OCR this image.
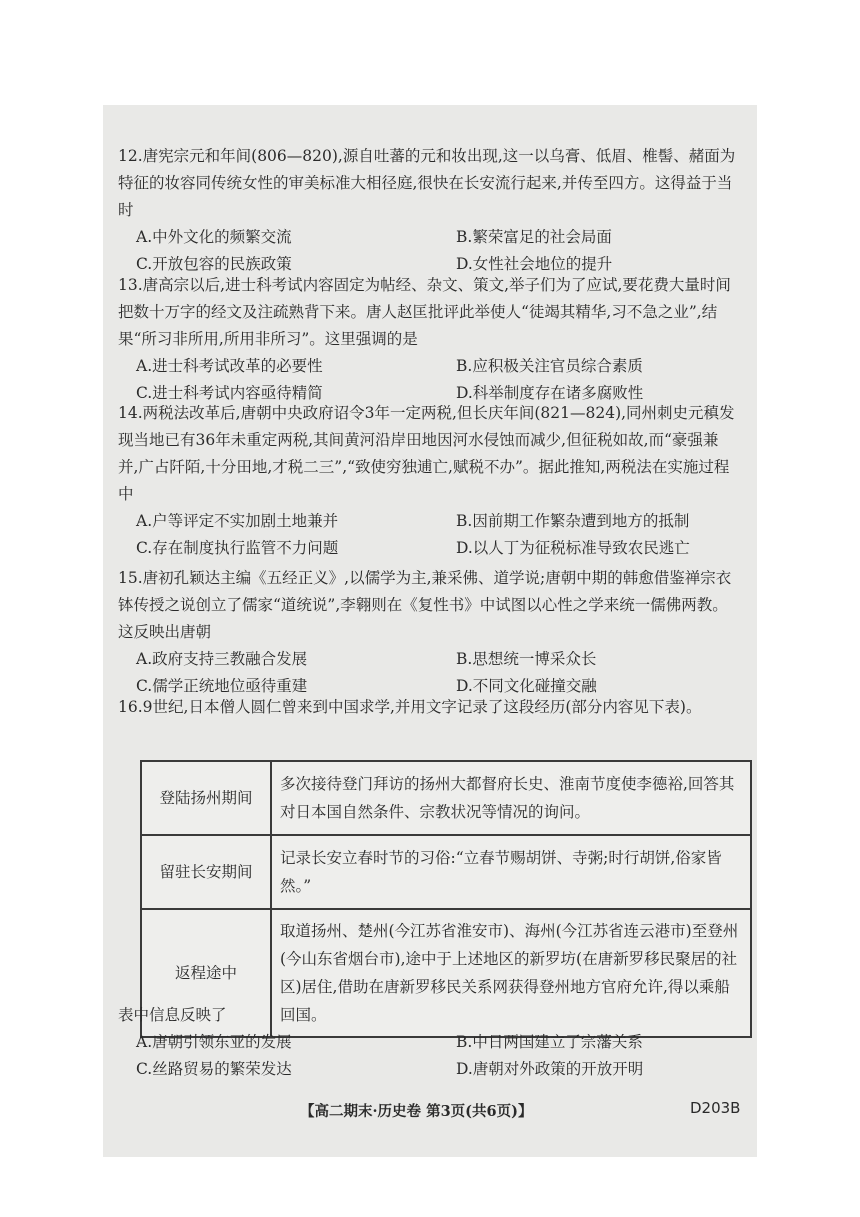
12.唐宪宗元和年间(806—820),源自吐蕃的元和妆出现,这一以乌膏、低眉、椎髻、赭面为特征的妆容同传统女性的审美标准大相径庭,很快在长安流行起来,并传至四方。这得益于当时
A.中外文化的频繁交流	B.繁荣富足的社会局面
C.开放包容的民族政策	D.女性社会地位的提升
13.唐高宗以后,进士科考试内容固定为帖经、杂文、策文,举子们为了应试,要花费大量时间把数十万字的经文及注疏熟背下来。唐人赵匡批评此举使人“徒竭其精华,习不急之业”,结果“所习非所用,所用非所习”。这里强调的是
A.进士科考试改革的必要性	B.应积极关注官员综合素质
C.进士科考试内容亟待精简	D.科举制度存在诸多腐败性
14.两税法改革后,唐朝中央政府诏令3年一定两税,但长庆年间(821—824),同州刺史元稹发现当地已有36年未重定两税,其间黄河沿岸田地因河水侵蚀而减少,但征税如故,而“豪强兼并,广占阡陌,十分田地,才税二三”,“致使穷独逋亡,赋税不办”。据此推知,两税法在实施过程中
A.户等评定不实加剧土地兼并	B.因前期工作繁杂遭到地方的抵制
C.存在制度执行监管不力问题	D.以人丁为征税标准导致农民逃亡
15.唐初孔颖达主编《五经正义》,以儒学为主,兼采佛、道学说;唐朝中期的韩愈借鉴禅宗衣钵传授之说创立了儒家“道统说”,李翱则在《复性书》中试图以心性之学来统一儒佛两教。这反映出唐朝
A.政府支持三教融合发展	B.思想统一博采众长
C.儒学正统地位亟待重建	D.不同文化碰撞交融
16.9世纪,日本僧人圆仁曾来到中国求学,并用文字记录了这段经历(部分内容见下表)。
登陆扬州期间	多次接待登门拜访的扬州大都督府长史、淮南节度使李德裕,回答其对日本国自然条件、宗教状况等情况的询问。
留驻长安期间	记录长安立春时节的习俗:“立春节赐胡饼、寺粥;时行胡饼,俗家皆然。”
返程途中	取道扬州、楚州(今江苏省淮安市)、海州(今江苏省连云港市)至登州(今山东省烟台市),途中于上述地区的新罗坊(在唐新罗移民聚居的社区)居住,借助在唐新罗移民关系网获得登州地方官府允许,得以乘船回国。
表中信息反映了
A.唐朝引领东亚的发展	B.中日两国建立了宗藩关系
C.丝路贸易的繁荣发达	D.唐朝对外政策的开放开明
【高二期末·历史卷 第3页(共6页)】	D203B
